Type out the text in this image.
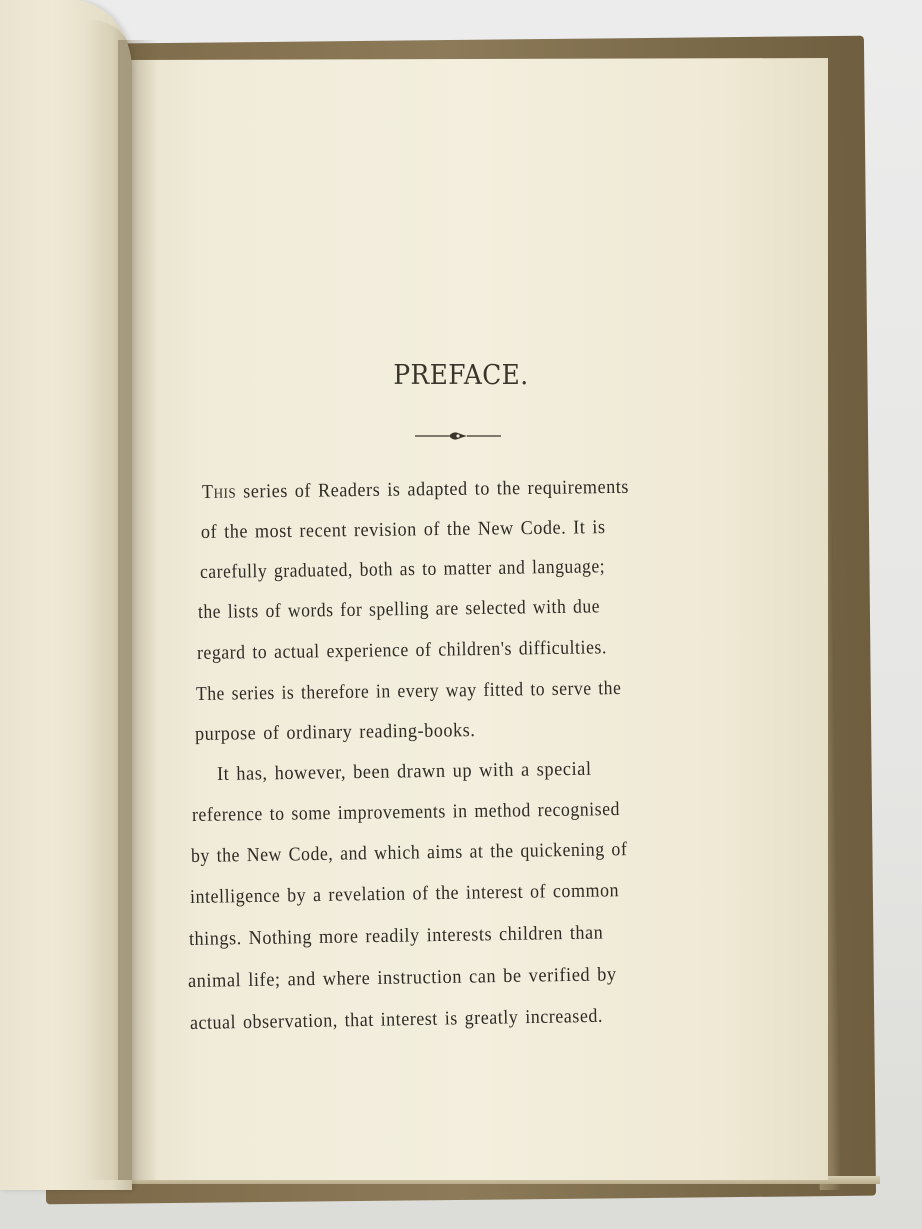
PREFACE.
This series of Readers is adapted to the requirements
of the most recent revision of the New Code. It is
carefully graduated, both as to matter and language;
the lists of words for spelling are selected with due
regard to actual experience of children's difficulties.
The series is therefore in every way fitted to serve the
purpose of ordinary reading-books.
It has, however, been drawn up with a special
reference to some improvements in method recognised
by the New Code, and which aims at the quickening of
intelligence by a revelation of the interest of common
things. Nothing more readily interests children than
animal life; and where instruction can be verified by
actual observation, that interest is greatly increased.
